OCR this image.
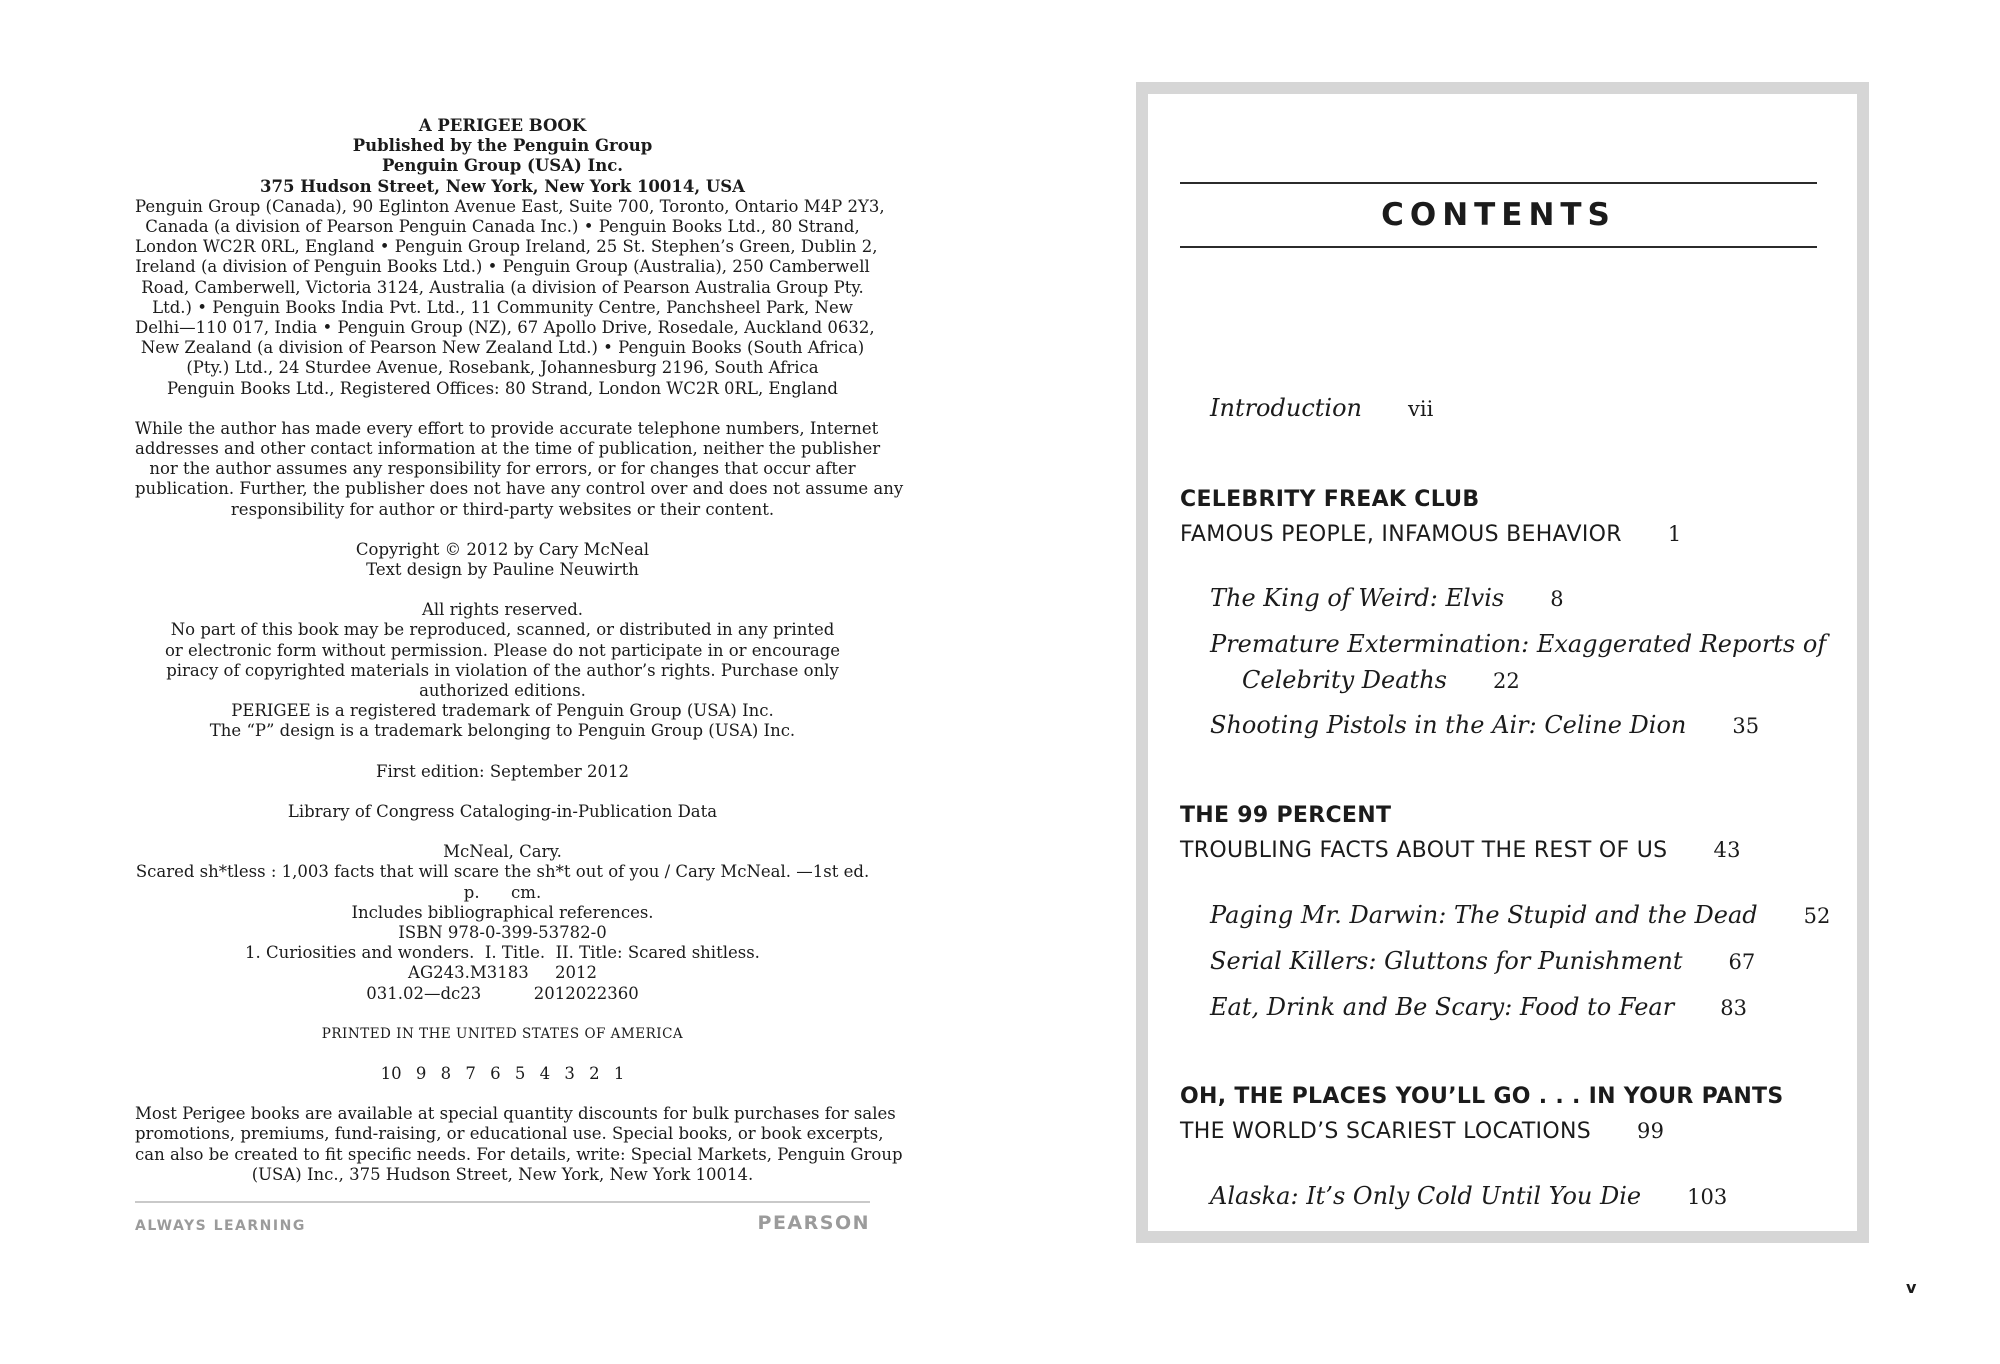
A PERIGEE BOOK
Published by the Penguin Group
Penguin Group (USA) Inc.
375 Hudson Street, New York, New York 10014, USA
Penguin Group (Canada), 90 Eglinton Avenue East, Suite 700, Toronto, Ontario M4P 2Y3,
Canada (a division of Pearson Penguin Canada Inc.) • Penguin Books Ltd., 80 Strand,
London WC2R 0RL, England • Penguin Group Ireland, 25 St. Stephen’s Green, Dublin 2,
Ireland (a division of Penguin Books Ltd.) • Penguin Group (Australia), 250 Camberwell
Road, Camberwell, Victoria 3124, Australia (a division of Pearson Australia Group Pty.
Ltd.) • Penguin Books India Pvt. Ltd., 11 Community Centre, Panchsheel Park, New
Delhi—110 017, India • Penguin Group (NZ), 67 Apollo Drive, Rosedale, Auckland 0632,
New Zealand (a division of Pearson New Zealand Ltd.) • Penguin Books (South Africa)
(Pty.) Ltd., 24 Sturdee Avenue, Rosebank, Johannesburg 2196, South Africa
Penguin Books Ltd., Registered Offices: 80 Strand, London WC2R 0RL, England
While the author has made every effort to provide accurate telephone numbers, Internet
addresses and other contact information at the time of publication, neither the publisher
nor the author assumes any responsibility for errors, or for changes that occur after
publication. Further, the publisher does not have any control over and does not assume any
responsibility for author or third-party websites or their content.
Copyright © 2012 by Cary McNeal
Text design by Pauline Neuwirth
All rights reserved.
No part of this book may be reproduced, scanned, or distributed in any printed
or electronic form without permission. Please do not participate in or encourage
piracy of copyrighted materials in violation of the author’s rights. Purchase only
authorized editions.
PERIGEE is a registered trademark of Penguin Group (USA) Inc.
The “P” design is a trademark belonging to Penguin Group (USA) Inc.
First edition: September 2012
Library of Congress Cataloging-in-Publication Data
McNeal, Cary.
Scared sh*tless : 1,003 facts that will scare the sh*t out of you / Cary McNeal. —1st ed.
p.      cm.
Includes bibliographical references.
ISBN 978-0-399-53782-0
1. Curiosities and wonders.  I. Title.  II. Title: Scared shitless.
AG243.M3183     2012
031.02—dc23          2012022360
PRINTED IN THE UNITED STATES OF AMERICA
10 9 8 7 6 5 4 3 2 1
Most Perigee books are available at special quantity discounts for bulk purchases for sales
promotions, premiums, fund-raising, or educational use. Special books, or book excerpts,
can also be created to fit specific needs. For details, write: Special Markets, Penguin Group
(USA) Inc., 375 Hudson Street, New York, New York 10014.
ALWAYS LEARNING	PEARSON
CONTENTS
Introduction vii
CELEBRITY FREAK CLUB
FAMOUS PEOPLE, INFAMOUS BEHAVIOR 1
The King of Weird: Elvis 8
Premature Extermination: Exaggerated Reports of
Celebrity Deaths 22
Shooting Pistols in the Air: Celine Dion 35
THE 99 PERCENT
TROUBLING FACTS ABOUT THE REST OF US 43
Paging Mr. Darwin: The Stupid and the Dead 52
Serial Killers: Gluttons for Punishment 67
Eat, Drink and Be Scary: Food to Fear 83
OH, THE PLACES YOU’LL GO . . . IN YOUR PANTS
THE WORLD’S SCARIEST LOCATIONS 99
Alaska: It’s Only Cold Until You Die 103
v
